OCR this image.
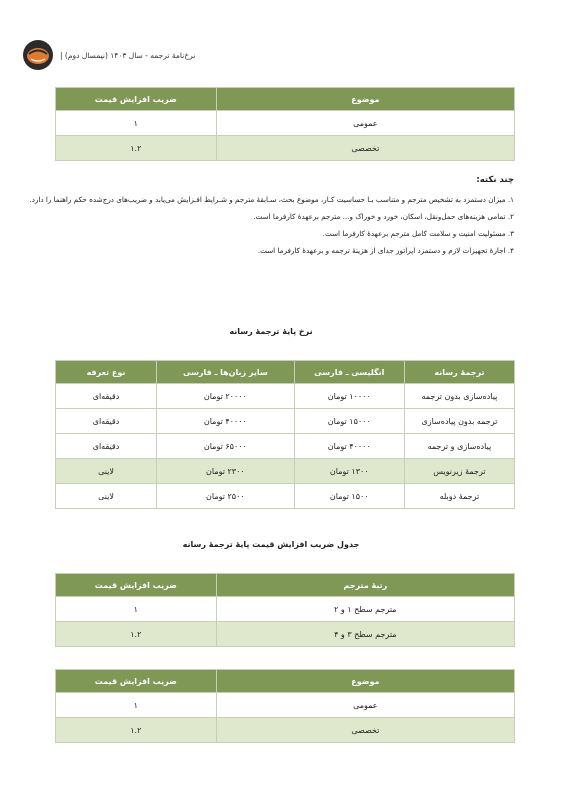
نرخ‌نامهٔ ترجمه - سال ۱۴۰۳ (نیمسال دوم) |
موضوع	ضریب افزایش قیمت
عمومی	۱
تخصصی	۱.۲
چند نکته:

۱. میزان دستمزد به تشخیص مترجم و متناسب بـا حساسیت کـار، موضوع بحث، سـابقهٔ مترجم و شـرایط افـزایش می‌یابد و ضریب‌های درج‌شده حکم راهنما را دارد.

۲. تمامی هزینه‌های حمل‌ونقل، اسکان، خورد و خوراک و... مترجم برعهدهٔ کارفرما است.

۳. مسئولیت امنیت و سلامت کامل مترجم برعهدهٔ کارفرما است.

۴. اجارهٔ تجهیزات لازم و دستمزد اپراتور جدای از هزینهٔ ترجمه و برعهدهٔ کارفرما است.

نرخ پایهٔ ترجمهٔ رسانه
ترجمهٔ رسانه	انگلیسی ـ فارسی	سایر زبان‌ها ـ فارسی	نوع تعرفه
پیاده‌سازی بدون ترجمه	۱۰۰۰۰ تومان	۲۰۰۰۰ تومان	دقیقه‌ای
ترجمه بدون پیاده‌سازی	۱۵۰۰۰ تومان	۴۰۰۰۰ تومان	دقیقه‌ای
پیاده‌سازی و ترجمه	۴۰۰۰۰ تومان	۶۵۰۰۰ تومان	دقیقه‌ای
ترجمهٔ زیرنویس	۱۳۰۰ تومان	۲۳۰۰ تومان	لاینی
ترجمهٔ دوبله	۱۵۰۰ تومان	۲۵۰۰ تومان	لاینی
جدول ضریب افزایش قیمت پایهٔ ترجمهٔ رسانه
رتبهٔ مترجم	ضریب افزایش قیمت
مترجم سطح ۱ و ۲	۱
مترجم سطح ۳ و ۴	۱.۲
موضوع	ضریب افزایش قیمت
عمومی	۱
تخصصی	۱.۲
